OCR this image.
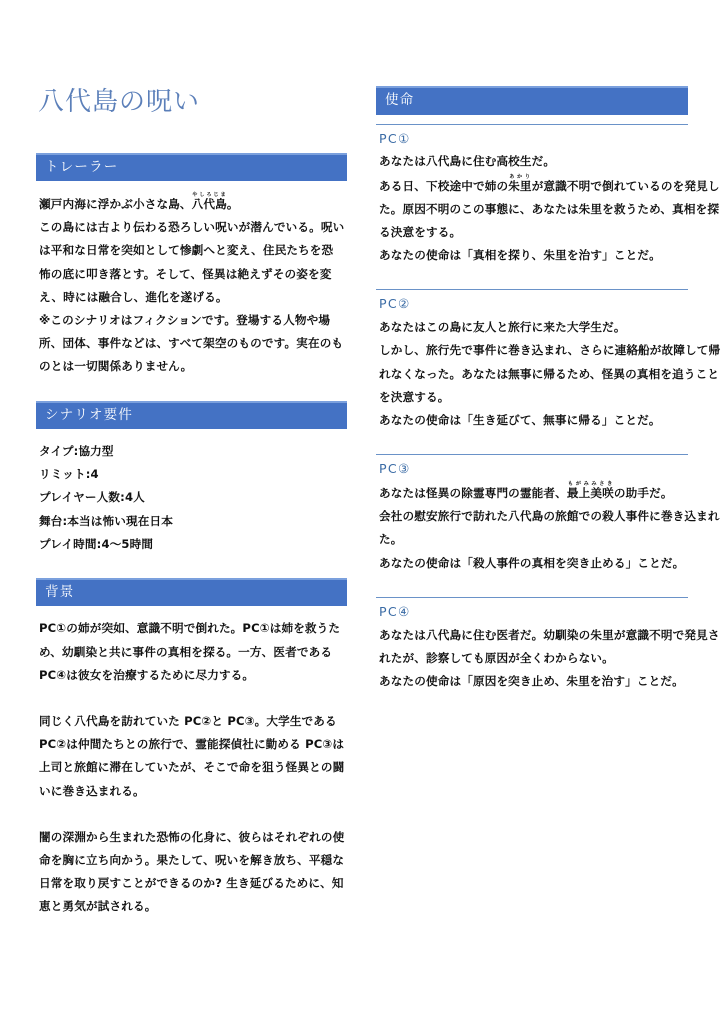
八代島の呪い
トレーラー

瀬戸内海に浮かぶ小さな島、八代島やしろじま。

この島には古より伝わる恐ろしい呪いが潜んでいる。呪いは平和な日常を突如として惨劇へと変え、住民たちを恐怖の底に叩き落とす。そして、怪異は絶えずその姿を変え、時には融合し、進化を遂げる。

※このシナリオはフィクションです。登場する人物や場所、団体、事件などは、すべて架空のものです。実在のものとは一切関係ありません。

シナリオ要件

タイプ:協力型

リミット:4

プレイヤー人数:4人

舞台:本当は怖い現在日本

プレイ時間:4〜5時間

背景

PC①の姉が突如、意識不明で倒れた。PC①は姉を救うため、幼馴染と共に事件の真相を探る。一方、医者であるPC④は彼女を治療するために尽力する。

同じく八代島を訪れていた PC②と PC③。大学生であるPC②は仲間たちとの旅行で、霊能探偵社に勤める PC③は上司と旅館に滞在していたが、そこで命を狙う怪異との闘いに巻き込まれる。

闇の深淵から生まれた恐怖の化身に、彼らはそれぞれの使命を胸に立ち向かう。果たして、呪いを解き放ち、平穏な日常を取り戻すことができるのか? 生き延びるために、知恵と勇気が試される。

使命
PC①

あなたは八代島に住む高校生だ。

ある日、下校途中で姉の朱里あかりが意識不明で倒れているのを発見した。原因不明のこの事態に、あなたは朱里を救うため、真相を探る決意をする。

あなたの使命は「真相を探り、朱里を治す」ことだ。

PC②

あなたはこの島に友人と旅行に来た大学生だ。

しかし、旅行先で事件に巻き込まれ、さらに連絡船が故障して帰れなくなった。あなたは無事に帰るため、怪異の真相を追うことを決意する。

あなたの使命は「生き延びて、無事に帰る」ことだ。

PC③

あなたは怪異の除霊専門の霊能者、最上美咲もがみみさきの助手だ。

会社の慰安旅行で訪れた八代島の旅館での殺人事件に巻き込まれた。

あなたの使命は「殺人事件の真相を突き止める」ことだ。

PC④

あなたは八代島に住む医者だ。幼馴染の朱里が意識不明で発見されたが、診察しても原因が全くわからない。

あなたの使命は「原因を突き止め、朱里を治す」ことだ。
